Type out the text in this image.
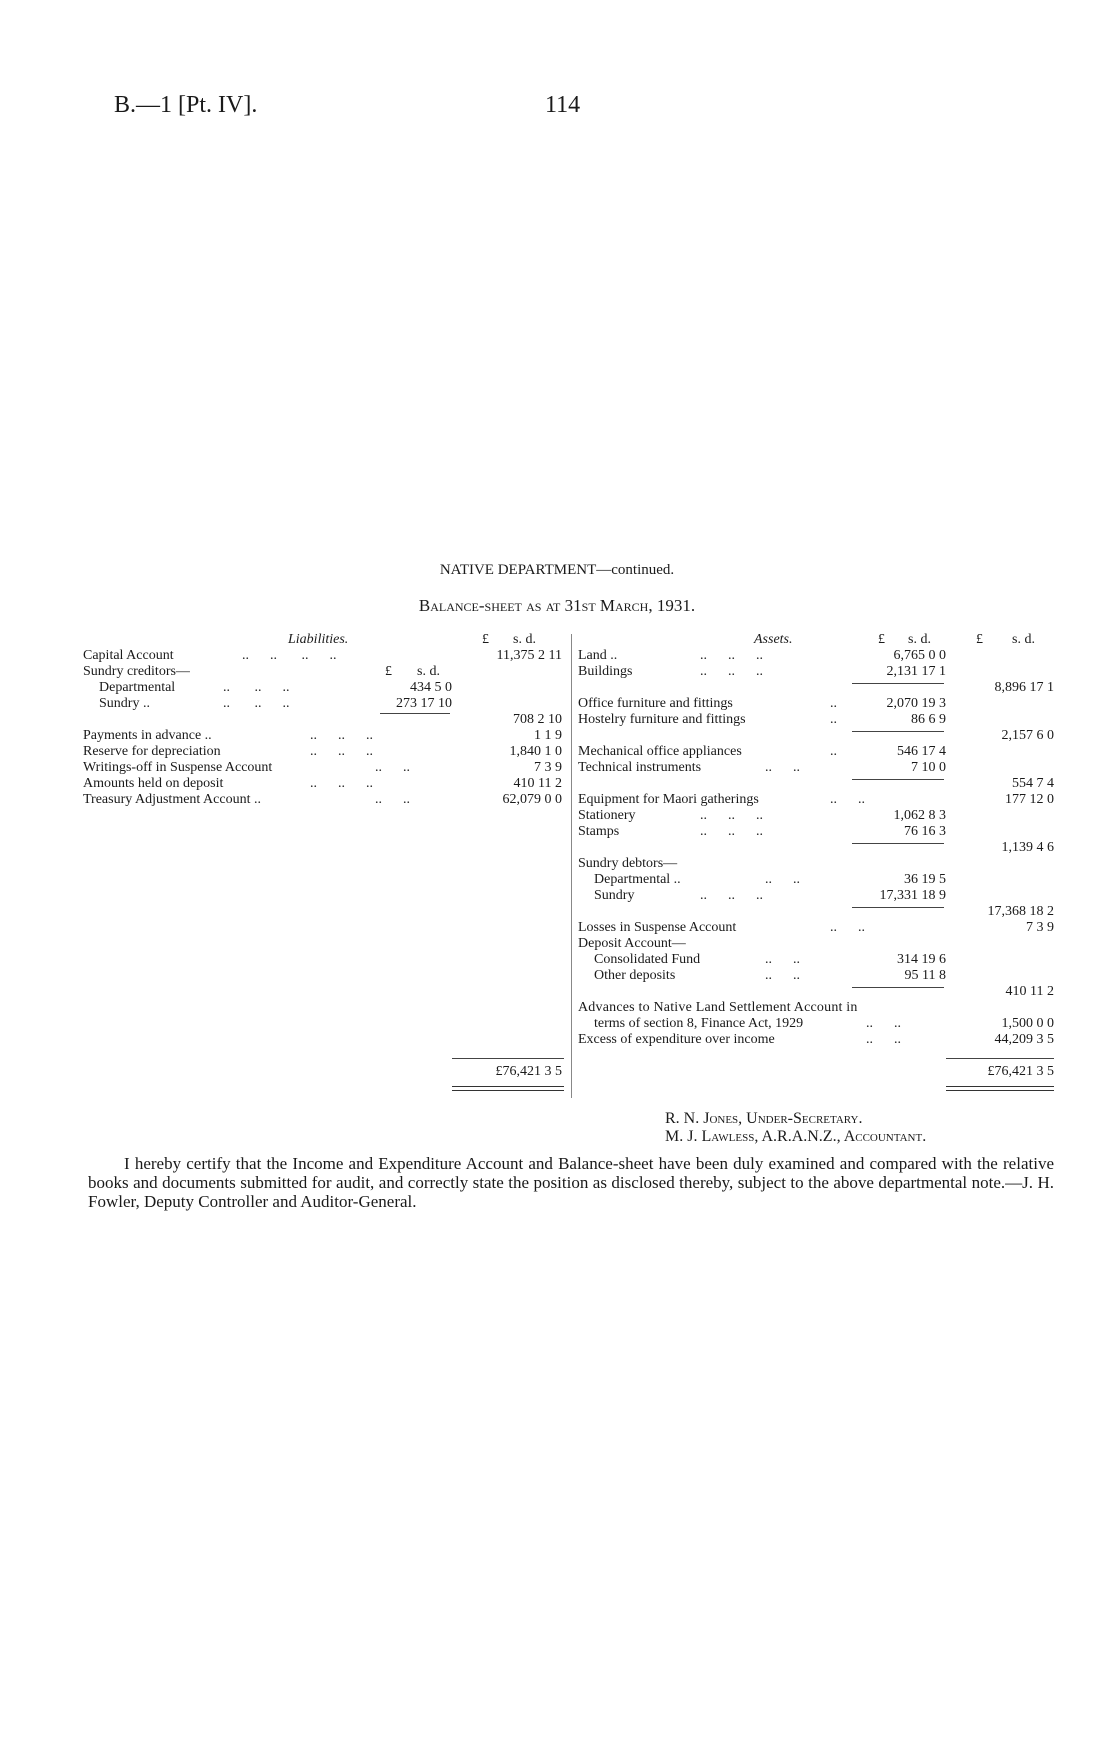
B.—1 [Pt. IV].	114
NATIVE DEPARTMENT—continued.
Balance-sheet as at 31st March, 1931.
Liabilities.	£ s. d.
Capital Account	..      ..       ..      ..	11,375 2 11
Sundry creditors—	£ s. d.
Departmental	..       ..      ..	434 5 0
Sundry ..	..       ..      ..	273 17 10
708 2 10
Payments in advance ..	..      ..      ..	1 1 9
Reserve for depreciation	..      ..      ..	1,840 1 0
Writings-off in Suspense Account	..      ..	7 3 9
Amounts held on deposit	..      ..      ..	410 11 2
Treasury Adjustment Account ..	..      ..	62,079 0 0
£76,421 3 5
Assets.	£ s. d.	£ s. d.
Land ..	..      ..      ..	6,765 0 0
Buildings	..      ..      ..	2,131 17 1
8,896 17 1
Office furniture and fittings	..	2,070 19 3
Hostelry furniture and fittings	..	86 6 9
2,157 6 0
Mechanical office appliances	..	546 17 4
Technical instruments	..      ..	7 10 0
554 7 4
Equipment for Maori gatherings	..      ..	177 12 0
Stationery	..      ..      ..	1,062 8 3
Stamps	..      ..      ..	76 16 3
1,139 4 6
Sundry debtors—
Departmental ..	..      ..	36 19 5
Sundry	..      ..      ..	17,331 18 9
17,368 18 2
Losses in Suspense Account	..      ..	7 3 9
Deposit Account—
Consolidated Fund	..      ..	314 19 6
Other deposits	..      ..	95 11 8
410 11 2
Advances to Native Land Settlement Account in
terms of section 8, Finance Act, 1929	..      ..	1,500 0 0
Excess of expenditure over income	..      ..	44,209 3 5
£76,421 3 5
R. N. Jones, Under-Secretary.
M. J. Lawless, A.R.A.N.Z., Accountant.
I hereby certify that the Income and Expenditure Account and Balance-sheet have been duly examined and compared with the relative books and documents submitted for audit, and correctly state the position as disclosed thereby, subject to the above departmental note.—J. H. Fowler, Deputy Controller and Auditor-General.
